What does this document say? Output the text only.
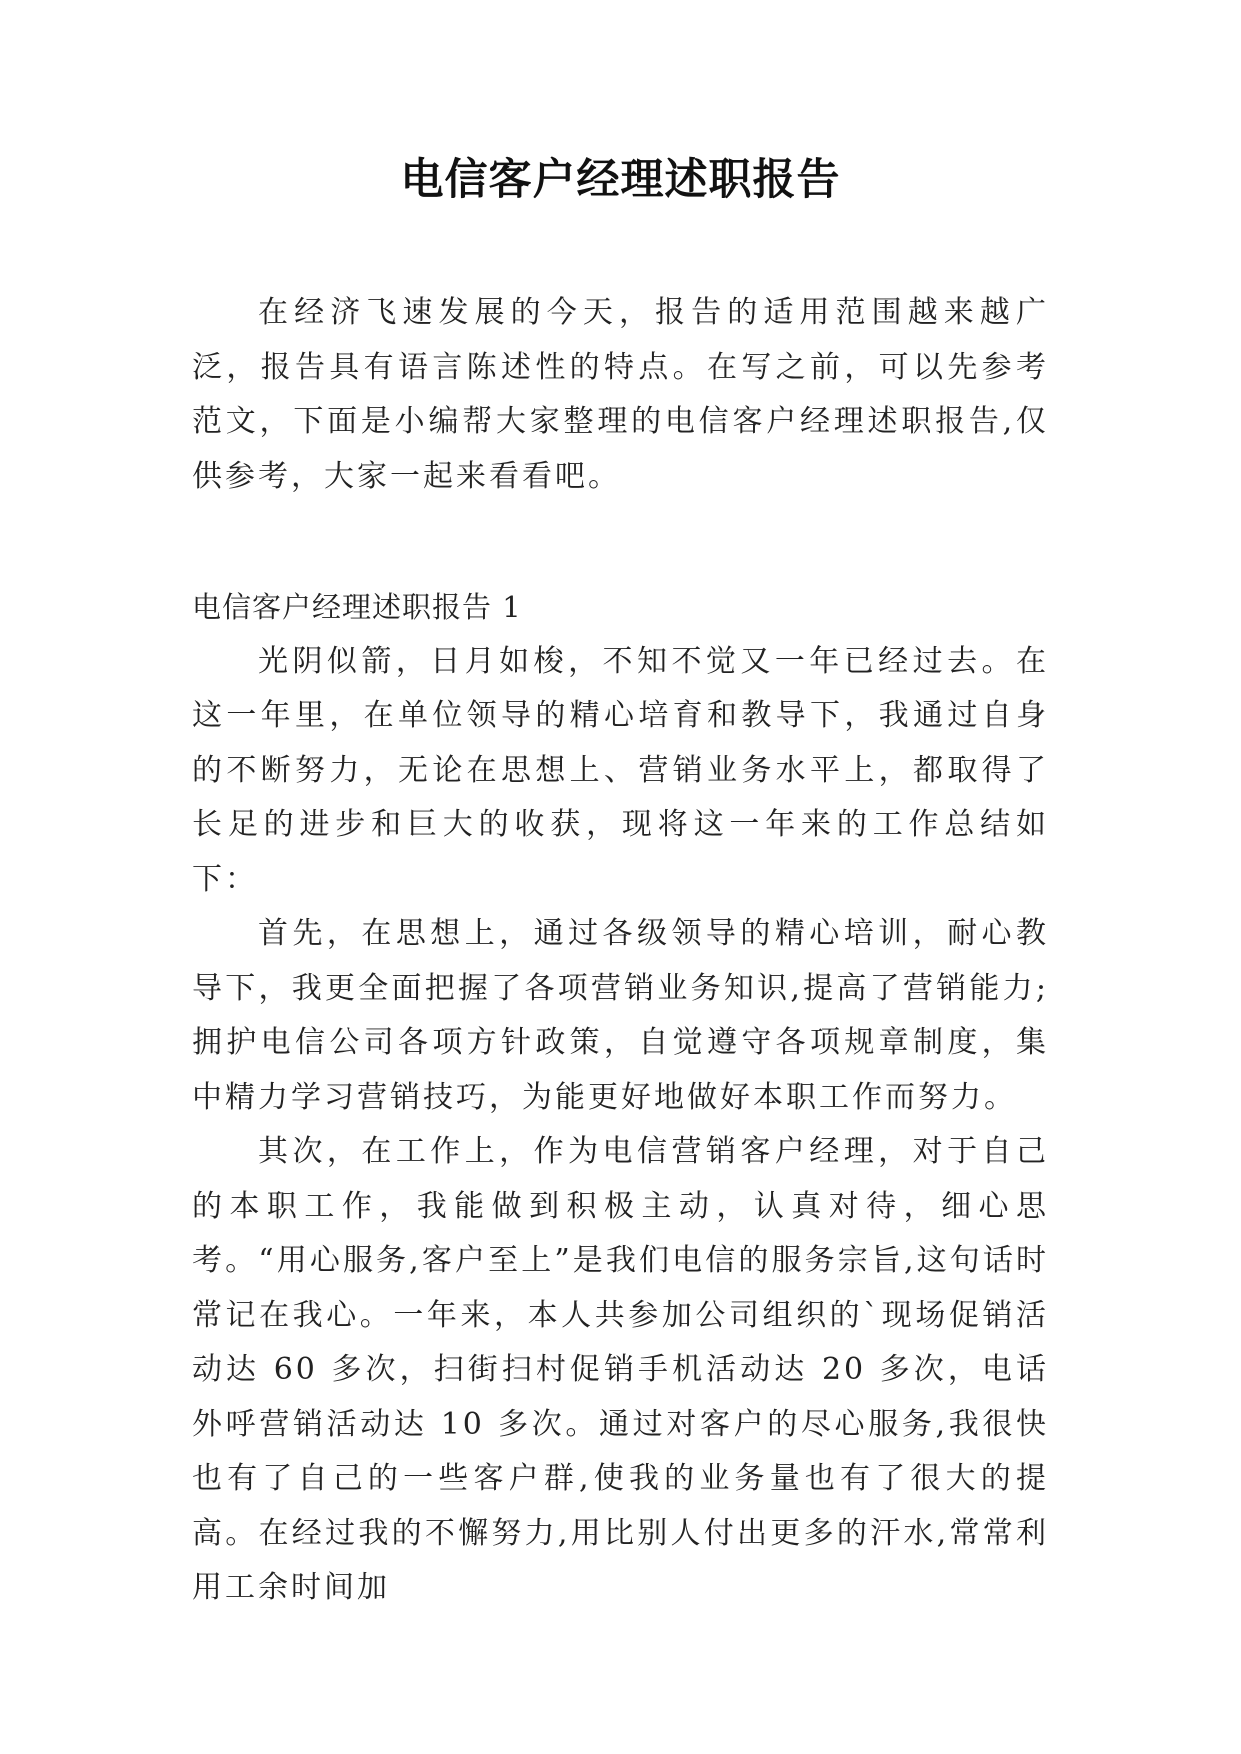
电信客户经理述职报告

在经济飞速发展的今天，报告的适用范围越来越广泛，报告具有语言陈述性的特点。在写之前，可以先参考范文，下面是小编帮大家整理的电信客户经理述职报告,仅供参考，大家一起来看看吧。

电信客户经理述职报告 1

光阴似箭，日月如梭，不知不觉又一年已经过去。在这一年里，在单位领导的精心培育和教导下，我通过自身的不断努力，无论在思想上、营销业务水平上，都取得了长足的进步和巨大的收获，现将这一年来的工作总结如下：

首先，在思想上，通过各级领导的精心培训，耐心教导下，我更全面把握了各项营销业务知识,提高了营销能力;拥护电信公司各项方针政策，自觉遵守各项规章制度，集中精力学习营销技巧，为能更好地做好本职工作而努力。

其次，在工作上，作为电信营销客户经理，对于自己的本职工作，我能做到积极主动，认真对待，细心思考。“用心服务,客户至上”是我们电信的服务宗旨,这句话时常记在我心。一年来，本人共参加公司组织的`现场促销活动达 60 多次，扫街扫村促销手机活动达 20 多次，电话外呼营销活动达 10 多次。通过对客户的尽心服务,我很快也有了自己的一些客户群,使我的业务量也有了很大的提高。在经过我的不懈努力,用比别人付出更多的汗水,常常利用工余时间加
